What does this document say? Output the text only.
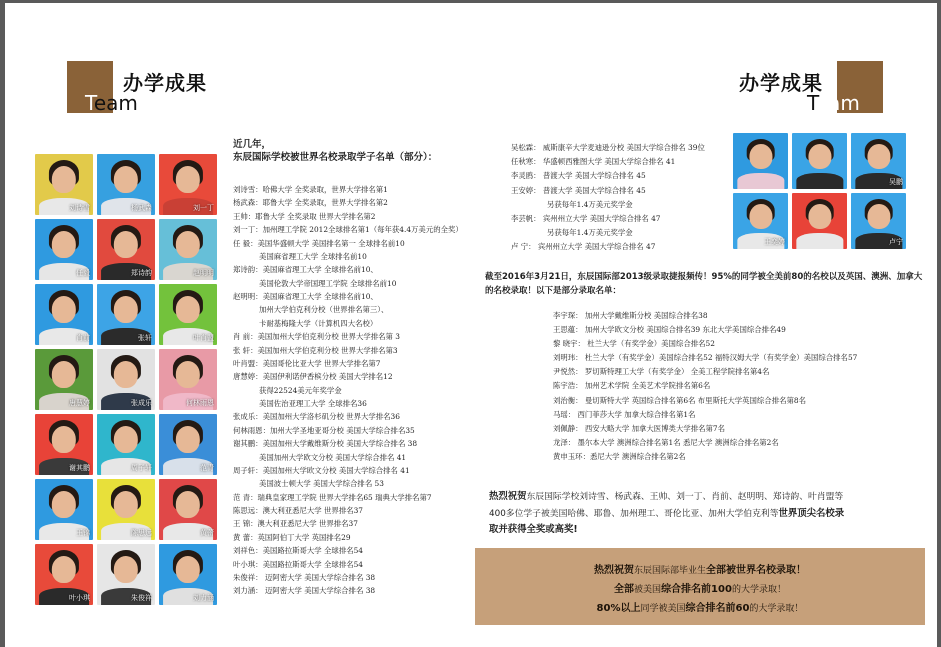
办学成果
Team
刘诗雪	杨武森	刘一丁
任毅	郑诗韵	赵明明
肖前	张轩	叶肖盟
唐慧婷	张成乐	何林雨恩
谢其鹏	周子轩	范青
王锦	陈思远	黄蕾
叶小琪	朱俊祥	刘力涵
近几年，
东辰国际学校被世界名校录取学子名单（部分）：
刘诗雪：哈佛大学 全奖录取，世界大学排名第1
杨武森：耶鲁大学 全奖录取，世界大学排名第2
王帅：耶鲁大学 全奖录取 世界大学排名第2
刘一丁：加州理工学院 2012全球排名第1（每年获4.4万美元的全奖）
任 毅：美国华盛顿大学 美国排名第一 全球排名前10
美国麻省理工大学 全球排名前10
郑诗韵：美国麻省理工大学 全球排名前10、
美国伦敦大学帝国理工学院 全球排名前10
赵明明：美国麻省理工大学 全球排名前10、
加州大学伯克利分校（世界排名第三）、
卡耐基梅隆大学（计算机四大名校）
肖 前：美国加州大学伯克利分校 世界大学排名第 3
张 轩：美国加州大学伯克利分校 世界大学排名第3
叶肖盟：美国哥伦比亚大学 世界大学排名第7
唐慧婷：美国伊利诺伊香槟分校 美国大学排名12
获得22524美元年奖学金
美国佐治亚理工大学 全球排名36
张成乐：美国加州大学洛杉矶分校 世界大学排名36
何林雨恩：加州大学圣地亚哥分校 美国大学综合排名35
谢其鹏：美国加州大学戴维斯分校 美国大学综合排名 38
美国加州大学欧文分校 美国大学综合排名 41
周子轩：美国加州大学欧文分校 美国大学综合排名 41
美国波士顿大学 美国大学综合排名 53
范 青：瑞典皇家理工学院 世界大学排名65 瑞典大学排名第7
陈思远：澳大利亚悉尼大学 世界排名37
王 锦：澳大利亚悉尼大学 世界排名37
黄 蕾：英国阿伯丁大学 英国排名29
刘祥色：美国路拉斯哥大学 全球排名54
叶小琪：美国路拉斯哥大学 全球排名54
朱俊祥： 迈阿密大学 美国大学综合排名 38
刘力涵： 迈阿密大学 美国大学综合排名 38
办学成果
Team
吴松霖： 威斯康辛大学麦迪逊分校 美国大学综合排名 39位
任秋寒： 华盛顿西雅图大学 美国大学综合排名 41
李灵鸥： 普渡大学 美国大学综合排名 45
王安婷： 普渡大学 美国大学综合排名 45
另获每年1.4万美元奖学金
李芸帆： 宾州州立大学 美国大学综合排名 47
另获每年1.4万美元奖学金
卢 宁： 宾州州立大学 美国大学综合排名 47
吴鹏
王奕婷	卢宁
截至2016年3月21日，东辰国际部2013级录取捷报频传！95%的同学被全美前80的名校以及英国、澳洲、加拿大的名校录取！以下是部分录取名单：
李宇琛： 加州大学戴维斯分校 美国综合排名38
王思蕴： 加州大学欧文分校 美国综合排名39 东北大学美国综合排名49
黎 晓宇： 杜兰大学（有奖学金）美国综合排名52
刘明玮： 杜兰大学（有奖学金）美国综合排名52 福特汉姆大学（有奖学金）美国综合排名57
尹悦然： 罗切斯特理工大学（有奖学金） 全美工程学院排名第4名
陈宇浩： 加州艺术学院 全美艺术学院排名第6名
刘治衡： 曼切斯特大学 英国综合排名第6名 布里斯托大学英国综合排名第8名
马瑶： 西门菲莎大学 加拿大综合排名第1名
刘佩静： 西安大略大学 加拿大医博类大学排名第7名
龙泽： 墨尔本大学 澳洲综合排名第1名 悉尼大学 澳洲综合排名第2名
黄申玉环：悉尼大学 澳洲综合排名第2名
热烈祝贺东辰国际学校刘诗雪、杨武森、王帅、刘一丁、肖前、赵明明、郑诗韵、叶肖盟等
400多位学子被美国哈佛、耶鲁、加州理工、哥伦比亚、加州大学伯克利等世界顶尖名校录
取并获得全奖或高奖!
热烈祝贺东辰国际部毕业生全部被世界名校录取！
全部被美国综合排名前100的大学录取！
80%以上同学被美国综合排名前60的大学录取！
